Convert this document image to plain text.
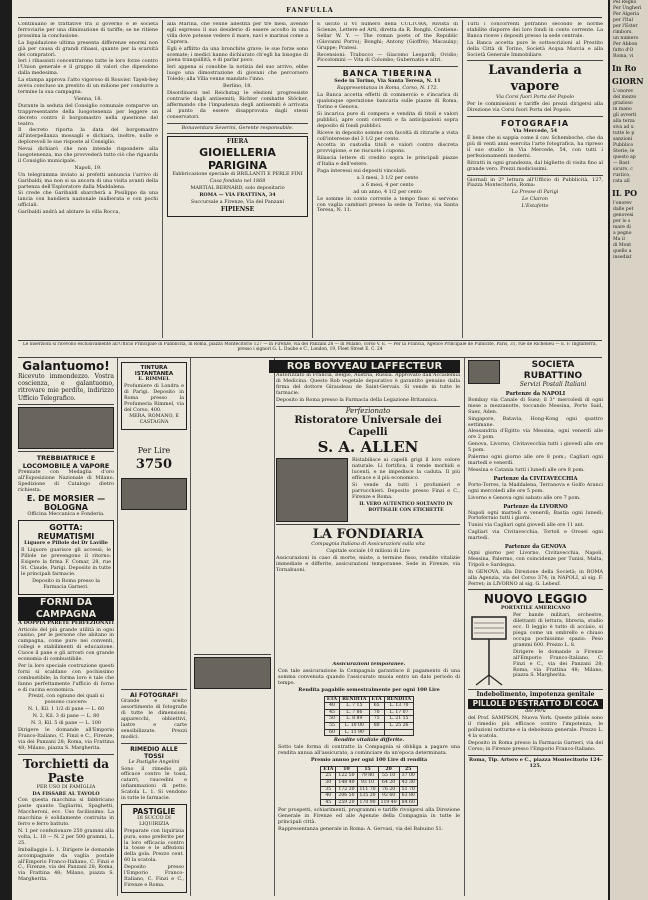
Pel Regno
Per Ungheri
Per Algeria
per l'Ital
per l'Ester
rimbors.
un numero
Per Abbon
fatto d'O
Roma, vi
In Ro
GIORN
L'onorev
del mezzo
grazioso
in mano
gli avverti
alla terza
siva ad u
tutte le p
sanzioni
Pubblico
Sterie; le
questo ap
— Bast
sicuro, c
rustico,
rata all
IL PO
l'onorev
dalle pet
genovesi
per lo s
mare di
a pegno
Ma il
di Mont
quello a
insediat
FANFULLA

Continuano le trattative fra il governo e le società ferroviarie per una diminuzione di tariffe; se ne ritiene prossima la conclusione.

La liquidazione ultima presenta differenze enormi non già per causa di grandi ribassi, quanto per la scarsità dei compratori.

Ieri i ribassisti concentrarono tutte le loro forze contro l'Union generale e il gruppo di valori che dipendono dalla medesima.

La stampa approva l'atto vigoroso di Rouvier. Tayeb-bey aveva concluso un prestito di un milione per condurre a termine la sua campagna.

Vienna, 18.

Durante la seduta del Consiglio comunale comparve un trappresentante della luogotenenza per leggere un decreto contro il borgomastro nella questione del teatro.

Il decreto riporta la data del borgomastro all'interpellanza mossagli e dichiara, inoltre, nulle e deplorevoli le sue risposte al Consiglio.

Nevai dichiarò che non intende rispondere alla luogotenenza, ma che provvederà tutto ciò che riguarda il Consiglio municipale.

Napoli, 19.

Un telegramma inviato ai prefetti annuncia l'arrivo di Garibaldi; ma non si sa ancora di una visita avanti della partenza dell'Esploratore dalla Maddalena.

Si crede che Garibaldi sbarcherà a Posilippo da una lancia con bandiera nazionale inalberata e con pochi ufficiali.

Garibaldi andrà ad abitare la villa Rocca,

alla Marina, che venne allestita per tre mesi, avendo egli espresso il suo desiderio di essere accolto in una villa dove potesse vedere il mare, navi e marinai come a Caprera.

Egli è afflitto da una bronchite grave; le sue forze sono scemate; i medici hanno dichiarato ch'egli ha bisogno di piena tranquillità, e di parlar poco.

Ieri appena si conobbe la notizia del suo arrivo, ebbe luogo una dimostrazione di giovani che percorsero Toledo; alla Villa venne mandato l'inno.

Berlino, 18.

Disordinarsi nel Reichstag le elezioni progressiste contrarie dagli antisemiti; Richter combatte Stöcker, affermando che l'impudenza degli antisemiti è arrivata al punto da essere disapprovata dagli stessi conservatori.

Bonaventura Severini, Gerente responsabile.

FIERA

GIOIELLERIA PARIGINA

Fabbricazione speciale di BRILLANTI E PERLE FINI

Casa fondata nel 1868

MARTIAL BERNARD, solo depositario

ROMA — VIA FRATTINA, 34

Succursale a Firenze, Via del Panzani

FIPIENSE

È uscito il VI numero della CULTURA, Rivista di Scienze, Lettere ed Arti, diretta da R. Bonghi. Contiene: Sellar W. Y. — The roman poets of the Republic (Giovanni Porro); Bonghi; Antony (Gioffrè); Macaulay; Gruppe; Pratesi.

Recensioni: Trabucco — Giacomo Leopardi; Ovidio; Piccolomini — Vita di Colombo; Gubernatis e altri.

BANCA TIBERINA

Sede in Torino, Via Santa Teresa, N. 11

Rappresentanza in Roma, Corso, N. 172.

La Banca accetta effetti di commercio e s'incarica di qualunque operazione bancaria sulle piazze di Roma, Torino e Genova.

Si incarica pure di compera e vendita di titoli e valori pubblici, apre conti correnti e fa anticipazioni sopra deposito di fondi pubblici.

Riceve in deposito somme con facoltà di ritirarle a vista coll'interesse del 3 1/2 per cento.

Accetta in custodia titoli e valori contro discreta provvigione, e ne riscuote i cupons.

Rilascia lettere di credito sopra le principali piazze d'Italia e dell'estero.

Paga interessi sui depositi vincolati:

a 3 mesi, 3 1/2 per cento

a 6 mesi, 4 per cento

ad un anno, 4 1/2 per cento

Le somme in conto corrente a tempo fisso si servono con vaglia cambiari presso la sede in Torino, via Santa Teresa, N. 11.

Tutti i concorrenti potranno secondo le norme stabilite disporre dei loro fondi in conto corrente. La Banca riceve i depositi presso la sede centrale.

La Banca accetta pure le sottoscrizioni al Prestito della Città di Torino, Società Acqua Marcia e alla Società Generale Immobiliare.

Lavanderia a vapore

Via Corsi fuori Porta del Popolo

Per le commissioni e tariffe dei prezzi dirigersi alla Direzione via Corsi fuori Porta del Popolo.

FOTOGRAFIA

Via Mercede, 54

È bene che si sappia come il cav. Schemboche, che da più di venti anni esercita l'arte fotografica, ha ripreso il suo studio in Via Mercede, 54, con tutti i perfezionamenti moderni.

Ritratti in ogni grandezza, dal biglietto di visita fino al grande vero. Prezzi modicissimi.

Giornali in 2ª lettura all'Ufficio di Pubblicità, 127, Piazza Montecitorio, Roma:

La Presse di Parigi

Le Clairon

L'Estafette

Le inserzioni si ricevono esclusivamente all'Ufficio Principale di Pubblicità, in Roma, piazza Montecitorio 127 — in Firenze, via del Panzani 28 — in Milano, corso V. E. — Per la Francia, Agence Principale de Publicité, Paris, 31, rue de Richelieu — E. F. Inghilterra, presso i signori G. L. Daube e C., London, 19, Fleet Street E. C. 24

Galantuomo!

Ricevuto immondezzo. Vostra coscienza, e galantuomo, ritrovare mie perdite, indirizzo Ufficio Telegrafico.

TREBBIATRICE E LOCOMOBILE A VAPORE

Premiate con Medaglia d'oro all'Esposizione Nazionale di Milano. Spedizione di Catalogo dietro richiesta.

E. DE MORSIER — BOLOGNA

Officina Meccanica e Fonderia.

GOTTA: REUMATISMI

Liquore e Pillole del Dr Laville

Il Liquore guarisce gli accessi; le Pillole ne prevengono il ritorno. Esigere la firma F. Comar, 28, rue St. Claude, Parigi. Deposito in tutte le principali farmacie.

Deposito in Roma presso la Farmacia Garneri.

FORNI DA CAMPAGNA

A DOPPIA PARETE PERFEZIONATI

Articolo del più grande utilità in ogni casino, per le persone che abitano in campagna, come pure nei conventi, collegi e stabilimenti di educazione. Cuoce il pane e gli arrosti con grande economia di combustibile.

Per la loro speciale costruzione questi forni si scaldano con pochissimo combustibile; la forma loro è tale che fanno perfettamente l'ufficio di forno e di cucina economica.

Prezzi, con ognuno dei quali si possono cuocere:

N. 1, Kil. 1 1/2 di pane — L. 60

N. 2, Kil. 3 di pane — L. 80

N. 3, Kil. 5 di pane — L. 100

Dirigere le domande all'Emporio Franco-Italiano, C. Finzi e C., Firenze, via dei Panzani 28; Roma, via Frattina 48; Milano, piazza S. Margherita.

Torchietti da Paste

PER USO DI FAMIGLIA

DA FISSARE AL TAVOLO

Con questa macchina si fabbricano paste quanto Tagliarini, Spaghetti, Maccheroni, ecc. Uso facilissimo. La macchina è solidamente costruita in ferro e ferro battuto.

N. 1 per confezionare 250 grammi alla volta, L. 18 — N. 2 per 500 grammi, L. 25.

Imballaggio L. 1. Dirigere le domande accompagnate da vaglia postale all'Emporio Franco-Italiano, C. Finzi e C., Firenze, via dei Panzani 28; Roma, via Frattina 48; Milano, piazza S. Margherita.

TINTURA ISTANTANEA

E. RIMMEL

Profumiere di Londra e di Parigi. Deposito in Roma presso la Profumeria Rimmel, via del Corso, 400.

MERA, ROMANO, E CASTAGNA

Per Lire

3750

AI FOTOGRAFI

Grande e scelto assortimento di fotografie di tutte le dimensioni; apparecchi, obbiettivi, lastre e carte sensibilizzate. Prezzi modici.

RIMEDIO ALLE TOSSI

Le Pastiglie Angelini

Sono il rimedio più efficace contro le tossi, catarri, raucedini e infiammazioni di petto. Scatola L. 1. Si vendono in tutte le farmacie.

PASTIGLIE

DI SUCCO DI LIQUIRIZIA

Preparate con liquirizia pura, sono preferite per la loro efficacia contro la tosse e le affezioni della gola. Prezzo cent. 60 la scatola.

Deposito presso l'Emporio Franco-Italiano, C. Finzi e C., Firenze e Roma.

ROB BOYVEAU LAFFECTEUR

Autorizzato in Francia, Belgio, Austria, Russia. Approvato dall'Accademia di Medicina. Questo Rob vegetale depurativo è garantito genuino dalla firma del dottore Giraudeau de Saint-Gervais. Si vende in tutte le farmacie.

Deposito in Roma presso la Farmacia della Legazione Britannica.

Perfezionato

Ristoratore Universale dei Capelli
S. A. ALLEN

Ristabilisce ai capelli grigi il loro colore naturale. Li fortifica, li rende morbidi e lucenti, e ne impedisce la caduta. Il più efficace e il più economico.

Si vende da tutti i profumieri e parrucchieri. Deposito presso Finzi e C., Firenze e Roma.

IL VERO AUTENTICO SOLTANTO IN BOTTIGLIE CON ETICHETTE

LA FONDIARIA

Compagnia Italiana di Assicurazioni sulla vita

Capitale sociale 10 milioni di Lire

Assicurazioni in caso di morte, miste, a termine fisso, rendite vitalizie immediate e differite, assicurazioni temporanee. Sede in Firenze, via Tornabuoni.

Assicurazioni temporanee.

Con tale assicurazione la Compagnia garantisce il pagamento di una somma convenuta quando l'assicurato muoia entro un dato periodo di tempo.

Rendita pagabile semestralmente per ogni 100 Lire

ETÀ	RENDITA	ETÀ	RENDITA
40	L. 7 15	65	L. 13 70
45	L. 7 86	70	L. 17 07
50	L. 8 89	75	L. 21 15
55	L. 10 00	80	L. 25 26
60	L. 11 90		

Rendite vitalizie differite.

Sotto tale forma di contratto la Compagnia si obbliga a pagare una rendita annua all'assicurato, a cominciare da un'epoca determinata.

Premio annuo per ogni 100 Lire di rendita

ETÀ	10	15	20	25
25	122 50	79 80	55 10	37 00
30	148 40	93 10	64 20	43 30
35	172 30	111 70	76 20	51 70
40	206 50	135 20	92 60	63 80
45	259 20	170 90	119 40	84 60

Per prospetti, schiarimenti, programmi e tariffe rivolgersi alla Direzione Generale in Firenze ed alle Agenzie della Compagnia in tutte le principali città.

Rappresentanza generale in Roma: A. Gervasi, via del Babuino 51.

SOCIETÀ RUBATTINO

Servizi Postali Italiani

Partenze da NAPOLI

Bombay via Canale di Suez; il 3° mercoledì di ogni mese a mezzanotte, toccando Messina, Porto Said, Suez, Aden.

Singapore, Batavia, Hong-Kong ogni quattro settimane.

Alessandria d'Egitto via Messina, ogni venerdì alle ore 2 pom.

Genova, Livorno, Civitavecchia tutti i giovedì alle ore 5 pom.

Palermo ogni giorno alle ore 8 pom.; Cagliari ogni martedì e venerdì.

Messina e Catania tutti i lunedì alle ore 8 pom.

Partenze da CIVITAVECCHIA

Porto-Torres, la Maddalena, Terranova e Golfo Aranci ogni mercoledì alle ore 5 pom.

Livorno e Genova ogni sabato alle ore 7 pom.

Partenze da LIVORNO

Napoli ogni martedì e venerdì; Bastia ogni lunedì; Portoferraio tutti i giorni.

Tunisi via Cagliari ogni giovedì alle ore 11 ant.

Cagliari via Civitavecchia, Tortolì e Orosei ogni martedì.

Partenze da GENOVA

Ogni giorno per Livorno, Civitavecchia, Napoli, Messina, Palermo, con coincidenze per Tunisi, Malta, Tripoli e Sardegna.

In GENOVA, alla Direzione della Società; in ROMA alla Agenzia, via del Corso 374; in NAPOLI, al sig. F. Perret; in LIVORNO al sig. G. Lebeuf.

NUOVO LEGGIO

PORTATILE AMERICANO

Per bande militari, orchestre, dilettanti di lettura, libreria, studio ecc. Il leggio è tutto di acciaio, si piega come un ombrello e chiuso occupa pochissimo spazio. Peso grammi 600. Prezzo L. 8.

Dirigere le domande a Firenze all'Emporio Franco-Italiano, C. Finzi e C., via dei Panzani 28; Roma, via Frattina 48; Milano, piazza S. Margherita.

Indebolimento, impotenza genitale

PILLOLE D'ESTRATTO DI COCA

del Perù

del Prof. SAMPSON, Nuova York. Queste pillole sono il rimedio più efficace contro l'impotenza, le polluzioni notturne e la debolezza generale. Prezzo L. 4 la scatola.

Deposito in Roma presso la Farmacia Garneri, via del Corso; in Firenze presso l'Emporio Franco-Italiano.

Roma, Tip. Artero e C., piazza Montecitorio 124-125.
